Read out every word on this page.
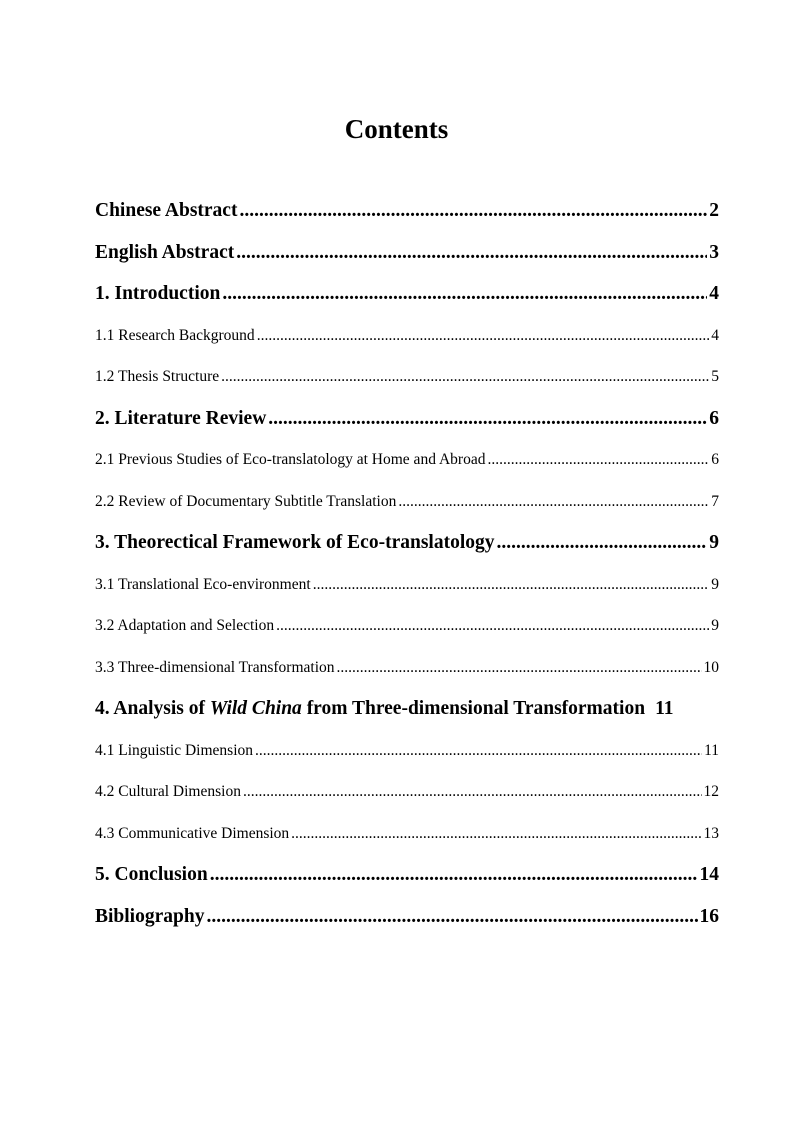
Contents
Chinese Abstract .....	2
English Abstract .....	3
1. Introduction .....	4
1.1 Research Background .....	4
1.2 Thesis Structure .....	5
2. Literature Review .....	6
2.1 Previous Studies of Eco-translatology at Home and Abroad .....	6
2.2 Review of Documentary Subtitle Translation .....	7
3. Theorectical Framework of Eco-translatology .....	9
3.1 Translational Eco-environment .....	9
3.2 Adaptation and Selection .....	9
3.3 Three-dimensional Transformation .....	10
4. Analysis of Wild China from Three-dimensional Transformation 11
4.1 Linguistic Dimension .....	11
4.2 Cultural Dimension .....	12
4.3 Communicative Dimension .....	13
5. Conclusion .....	14
Bibliography .....	16
